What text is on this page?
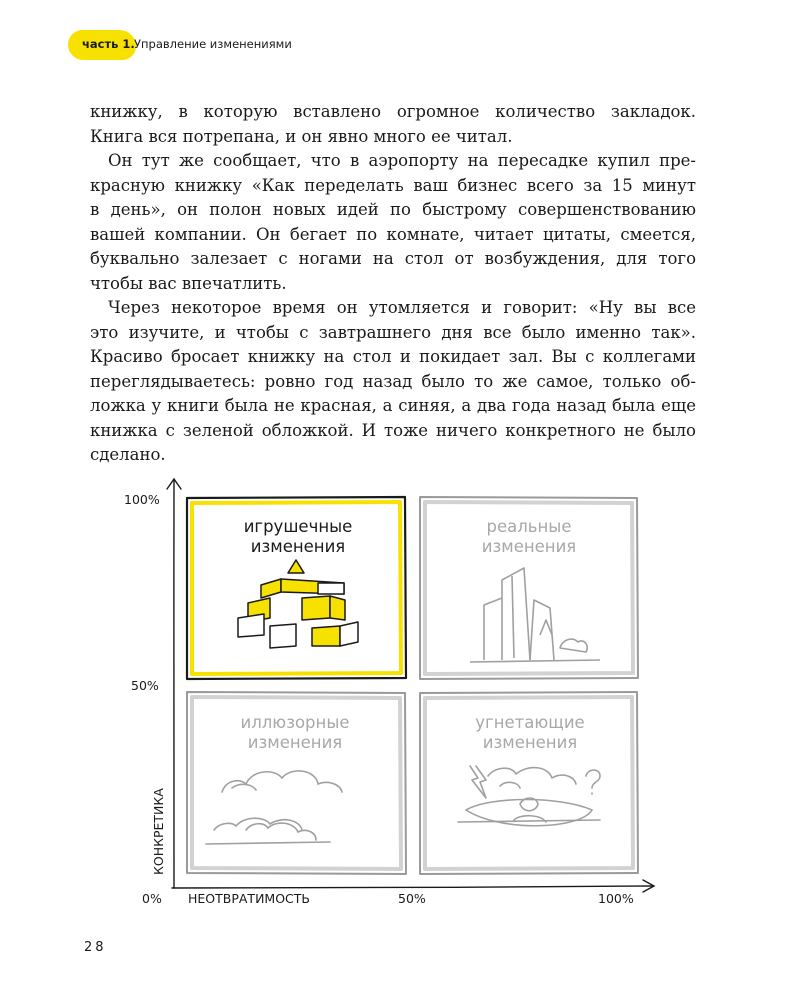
часть 1. Управление изменениями

книжку, в которую вставлено огромное количество закладок.

Книга вся потрепана, и он явно много ее читал.

Он тут же сообщает, что в аэропорту на пересадке купил пре-

красную книжку «Как переделать ваш бизнес всего за 15 минут

в день», он полон новых идей по быстрому совершенствованию

вашей компании. Он бегает по комнате, читает цитаты, смеется,

буквально залезает с ногами на стол от возбуждения, для того

чтобы вас впечатлить.

Через некоторое время он утомляется и говорит: «Ну вы все

это изучите, и чтобы с завтрашнего дня все было именно так».

Красиво бросает книжку на стол и покидает зал. Вы с коллегами

переглядываетесь: ровно год назад было то же самое, только об-

ложка у книги была не красная, а синяя, а два года назад была еще

книжка с зеленой обложкой. И тоже ничего конкретного не было

сделано.

100%
50%
0%	50%	100%
НЕОТВРАТИМОСТЬ
КОНКРЕТИКА
игрушечные
изменения
реальные
изменения
иллюзорные
изменения
угнетающие
изменения
28
